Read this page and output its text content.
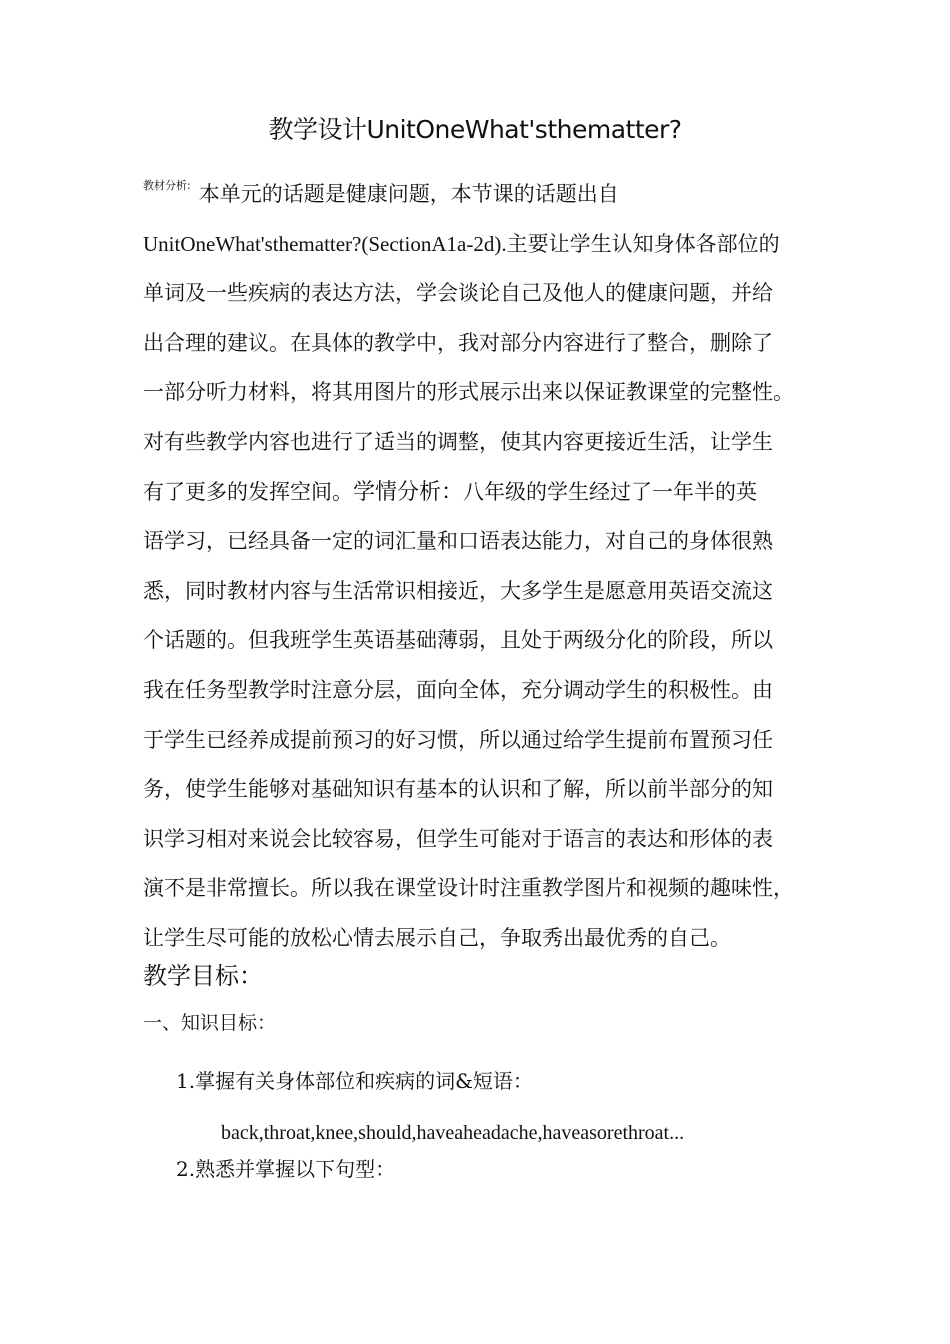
教学设计UnitOneWhat'sthematter?

$^{教材分析:}$ 本单元的话题是健康问题，本节课的话题出自

UnitOneWhat'sthematter?(SectionA1a-2d).主要让学生认知身体各部位的

单词及一些疾病的表达方法，学会谈论自己及他人的健康问题，并给

出合理的建议。在具体的教学中，我对部分内容进行了整合，删除了

一部分听力材料，将其用图片的形式展示出来以保证教课堂的完整性。

对有些教学内容也进行了适当的调整，使其内容更接近生活，让学生

有了更多的发挥空间。学情分析：八年级的学生经过了一年半的英

语学习，已经具备一定的词汇量和口语表达能力，对自己的身体很熟

悉，同时教材内容与生活常识相接近，大多学生是愿意用英语交流这

个话题的。但我班学生英语基础薄弱，且处于两级分化的阶段，所以

我在任务型教学时注意分层，面向全体，充分调动学生的积极性。由

于学生已经养成提前预习的好习惯，所以通过给学生提前布置预习任

务，使学生能够对基础知识有基本的认识和了解，所以前半部分的知

识学习相对来说会比较容易，但学生可能对于语言的表达和形体的表

演不是非常擅长。所以我在课堂设计时注重教学图片和视频的趣味性，

让学生尽可能的放松心情去展示自己，争取秀出最优秀的自己。

教学目标：
一、知识目标：
1.掌握有关身体部位和疾病的词&短语：
back,throat,knee,should,haveaheadache,haveasorethroat...
2.熟悉并掌握以下句型：
